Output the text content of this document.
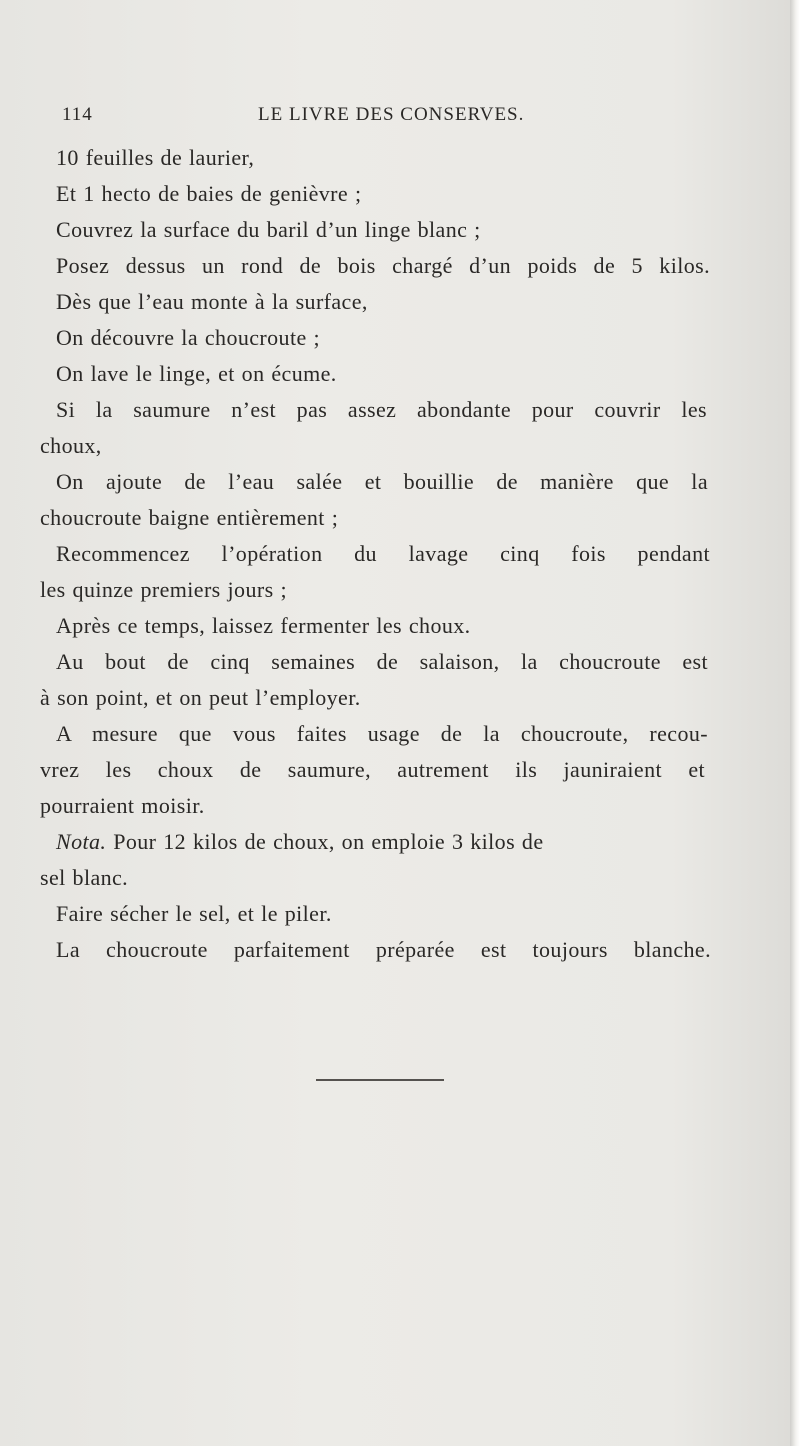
114	LE LIVRE DES CONSERVES.
10 feuilles de laurier,
Et 1 hecto de baies de genièvre ;
Couvrez la surface du baril d’un linge blanc ;
Posez dessus un rond de bois chargé d’un poids de 5 kilos.
Dès que l’eau monte à la surface,
On découvre la choucroute ;
On lave le linge, et on écume.
Si la saumure n’est pas assez abondante pour couvrir les
choux,
On ajoute de l’eau salée et bouillie de manière que la
choucroute baigne entièrement ;
Recommencez l’opération du lavage cinq fois pendant
les quinze premiers jours ;
Après ce temps, laissez fermenter les choux.
Au bout de cinq semaines de salaison, la choucroute est
à son point, et on peut l’employer.
A mesure que vous faites usage de la choucroute, recou-
vrez les choux de saumure, autrement ils jauniraient et
pourraient moisir.
Nota. Pour 12 kilos de choux, on emploie 3 kilos de
sel blanc.
Faire sécher le sel, et le piler.
La choucroute parfaitement préparée est toujours blanche.
